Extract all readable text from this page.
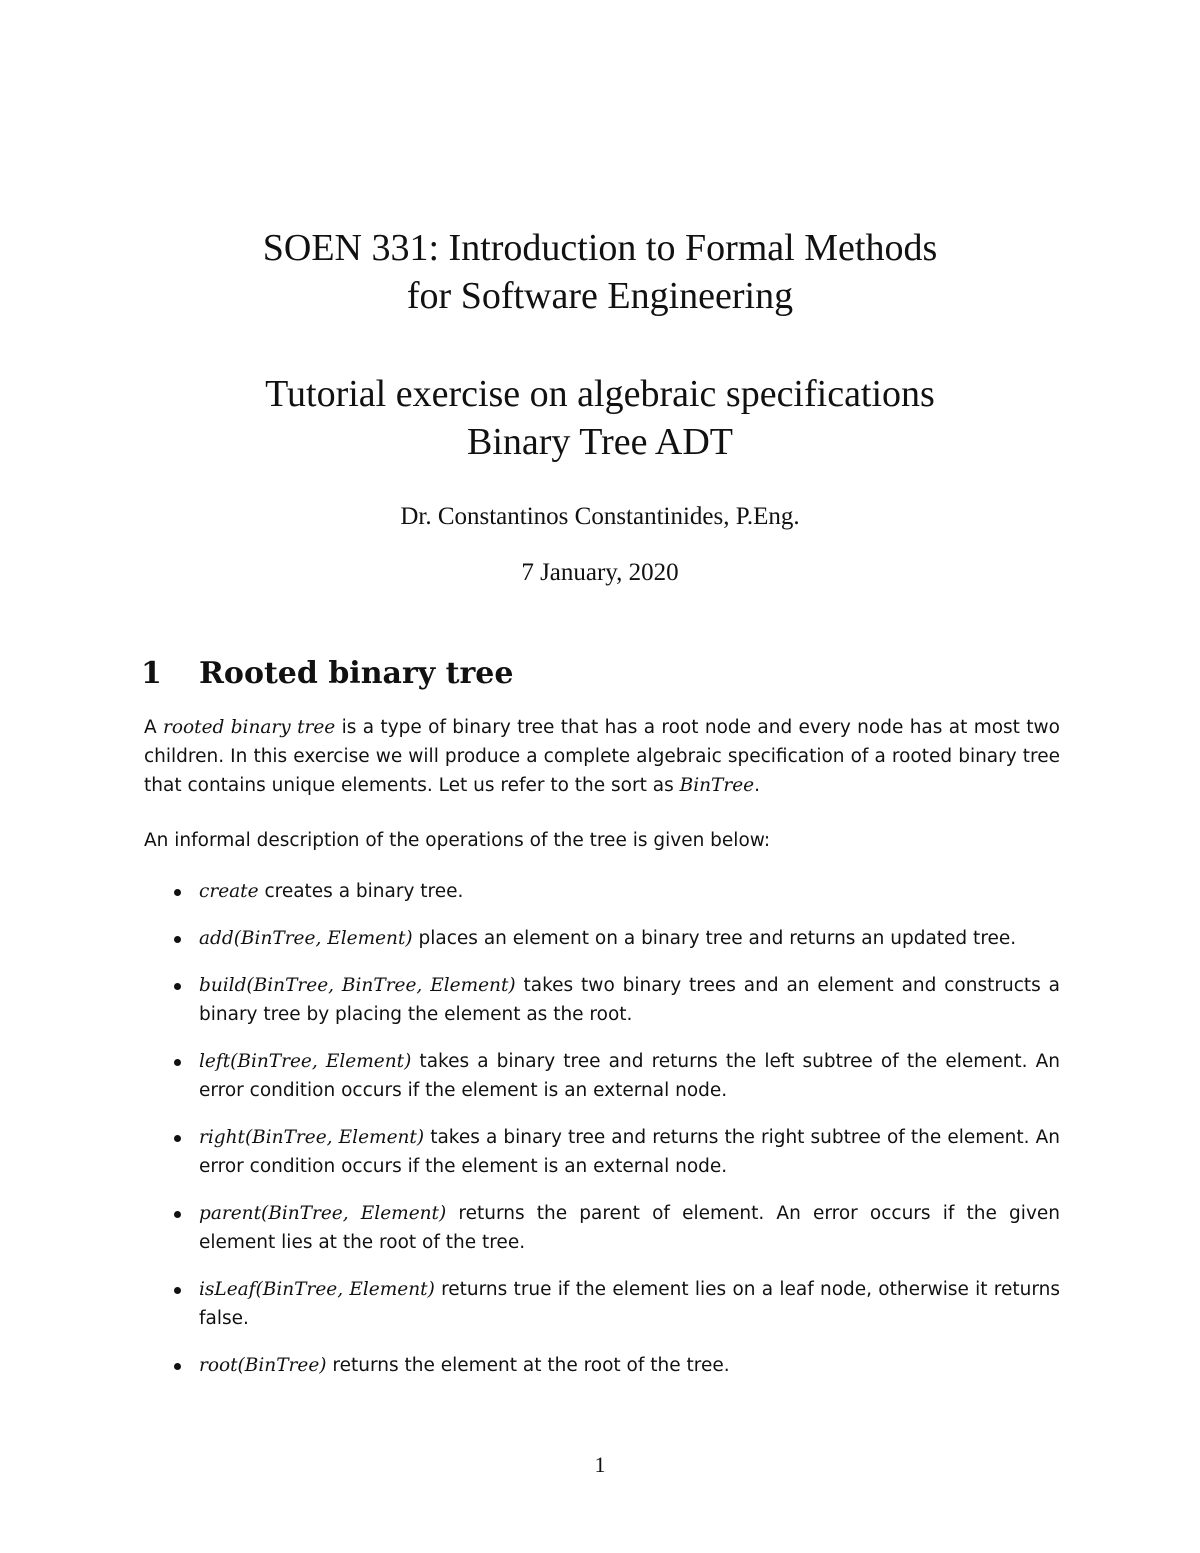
SOEN 331: Introduction to Formal Methods
for Software Engineering
Tutorial exercise on algebraic specifications
Binary Tree ADT
Dr. Constantinos Constantinides, P.Eng.
7 January, 2020
1 Rooted binary tree
A rooted binary tree is a type of binary tree that has a root node and every node has at most two children. In this exercise we will produce a complete algebraic specification of a rooted binary tree that contains unique elements. Let us refer to the sort as BinTree.
An informal description of the operations of the tree is given below:
create creates a binary tree.
add(BinTree, Element) places an element on a binary tree and returns an updated tree.
build(BinTree, BinTree, Element) takes two binary trees and an element and constructs a binary tree by placing the element as the root.
left(BinTree, Element) takes a binary tree and returns the left subtree of the element. An error condition occurs if the element is an external node.
right(BinTree, Element) takes a binary tree and returns the right subtree of the element. An error condition occurs if the element is an external node.
parent(BinTree, Element) returns the parent of element. An error occurs if the given element lies at the root of the tree.
isLeaf(BinTree, Element) returns true if the element lies on a leaf node, otherwise it returns false.
root(BinTree) returns the element at the root of the tree.
1
